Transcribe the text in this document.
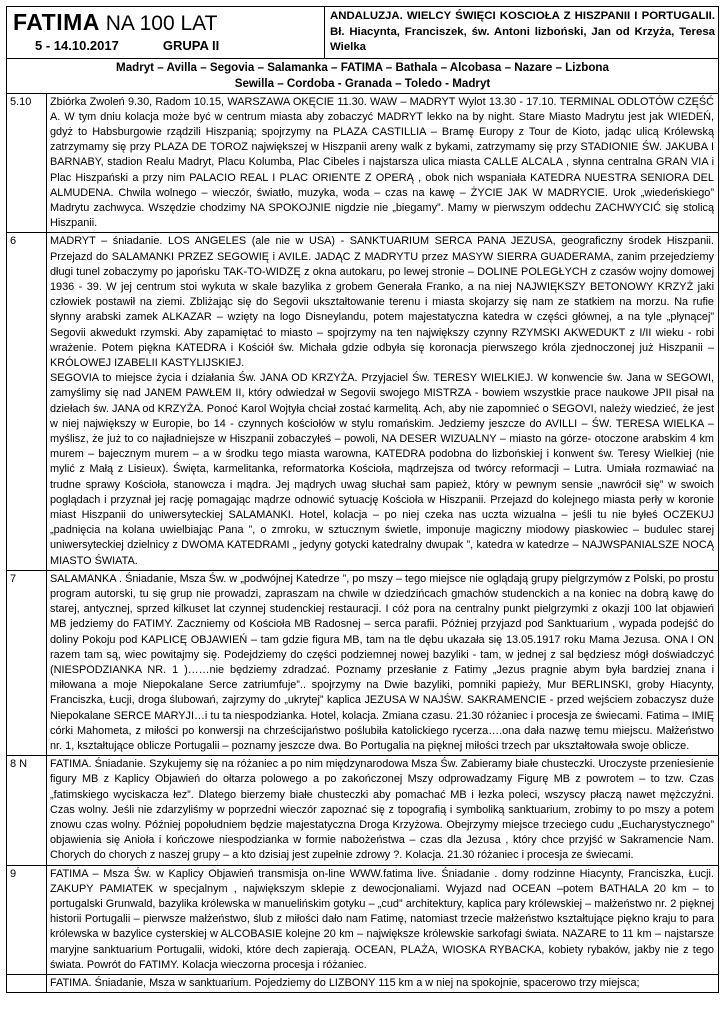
FATIMA NA 100 LAT
5 - 14.10.2017 GRUPA II		ANDALUZJA. WIELCY ŚWIĘCI KOSCIOŁA Z HISZPANII I PORTUGALII. Bł. Hiacynta, Franciszek, św. Antoni lizboński, Jan od Krzyża, Teresa Wielka

Madryt – Avilla – Segovia – Salamanka – FATIMA – Bathala – Alcobasa – Nazare – Lizbona
Sewilla – Cordoba - Granada – Toledo - Madryt		

5.10	Zbiórka Zwoleń 9.30, Radom 10.15, WARSZAWA OKĘCIE 11.30. WAW – MADRYT Wylot 13.30 - 17.10. TERMINAL ODLOTÓW CZĘŚĆ A. W tym dniu kolacja może być w centrum miasta aby zobaczyć MADRYT lekko na by night. Stare Miasto Madrytu jest jak WIEDEŃ, gdyż to Habsburgowie rządzili Hiszpanią; spojrzymy na PLAZA CASTILLIA – Bramę Europy z Tour de Kioto, jadąc ulicą Królewską zatrzymamy się przy PLAZA DE TOROZ największej w Hiszpanii areny walk z bykami, zatrzymamy się przy STADIONIE ŚW. JAKUBA I BARNABY, stadion Realu Madryt, Placu Kolumba, Plac Cibeles i najstarsza ulica miasta CALLE ALCALA , słynna centralna GRAN VIA i Plac Hiszpański a przy nim PALACIO REAL I PLAC ORIENTE Z OPERĄ , obok nich wspaniała KATEDRA NUESTRA SENIORA DEL ALMUDENA. Chwila wolnego – wieczór, światło, muzyka, woda – czas na kawę – ŻYCIE JAK W MADRYCIE. Urok „wiedeńskiego” Madrytu zachwyca. Wszędzie chodzimy NA SPOKOJNIE nigdzie nie „biegamy”. Mamy w pierwszym oddechu ZACHWYCIĆ się stolicą Hiszpanii.	

6	MADRYT – śniadanie. LOS ANGELES (ale nie w USA) - SANKTUARIUM SERCA PANA JEZUSA, geograficzny środek Hiszpanii. Przejazd do SALAMANKI PRZEZ SEGOWIĘ i AVILE. JADĄC Z MADRYTU przez MASYW SIERRA GUADERAMA, zanim przejedziemy długi tunel zobaczymy po japońsku TAK-TO-WIDZĘ z okna autokaru, po lewej stronie – DOLINE POLEGŁYCH z czasów wojny domowej 1936 - 39. W jej centrum stoi wykuta w skale bazylika z grobem Generała Franko, a na niej NAJWIĘKSZY BETONOWY KRZYŻ jaki człowiek postawił na ziemi. Zbliżając się do Segovii ukształtowanie terenu i miasta skojarzy się nam ze statkiem na morzu. Na rufie słynny arabski zamek ALKAZAR – wzięty na logo Disneylandu, potem majestatyczna katedra w części głównej, a na tyle „płynącej” Segovii akwedukt rzymski. Aby zapamiętać to miasto – spojrzymy na ten największy czynny RZYMSKI AKWEDUKT z I/II wieku - robi wrażenie. Potem piękna KATEDRA i Kościół św. Michała gdzie odbyła się koronacja pierwszego króla zjednoczonej już Hiszpanii – KRÓLOWEJ IZABELII KASTYLIJSKIEJ.

SEGOVIA to miejsce życia i działania Św. JANA OD KRZYŻA. Przyjaciel Św. TERESY WIELKIEJ. W konwencie św. Jana w SEGOWI, zamyślimy się nad JANEM PAWŁEM II, który odwiedzał w Segovii swojego MISTRZA - bowiem wszystkie prace naukowe JPII pisał na dziełach św. JANA od KRZYŻA. Ponoć Karol Wojtyła chciał zostać karmelitą. Ach, aby nie zapomnieć o SEGOVI, należy wiedzieć, że jest w niej największy w Europie, bo 14 - czynnych kościołów w stylu romańskim. Jedziemy jeszcze do AVILLI – ŚW. TERESA WIELKA – myślisz, że już to co najładniejsze w Hiszpanii zobaczyłeś – powoli, NA DESER WIZUALNY – miasto na górze- otoczone arabskim 4 km murem – bajecznym murem – a w środku tego miasta warowna, KATEDRA podobna do lizbońskiej i konwent św. Teresy Wielkiej (nie mylić z Małą z Lisieux). Święta, karmelitanka, reformatorka Kościoła, mądrzejsza od twórcy reformacji – Lutra. Umiała rozmawiać na trudne sprawy Kościoła, stanowcza i mądra. Jej mądrych uwag słuchał sam papież, który w pewnym sensie „nawrócił się” w swoich poglądach i przyznał jej rację pomagając mądrze odnowić sytuację Kościoła w Hiszpanii. Przejazd do kolejnego miasta perły w koronie miast Hiszpanii do uniwersyteckiej SALAMANKI. Hotel, kolacja – po niej czeka nas uczta wizualna – jeśli tu nie byłeś OCZEKUJ „padnięcia na kolana uwielbiając Pana ”, o zmroku, w sztucznym świetle, imponuje magiczny miodowy piaskowiec – budulec starej uniwersyteckiej dzielnicy z DWOMA KATEDRAMI „ jedyny gotycki katedralny dwupak ”, katedra w katedrze – NAJWSPANIALSZE NOCĄ MIASTO ŚWIATA.	

7	SALAMANKA . Śniadanie, Msza Św. w „podwójnej Katedrze ”, po mszy – tego miejsce nie oglądają grupy pielgrzymów z Polski, po prostu program autorski, tu się grup nie prowadzi, zapraszam na chwile w dziedzińcach gmachów studenckich a na koniec na dobrą kawę do starej, antycznej, sprzed kilkuset lat czynnej studenckiej restauracji. I cóż pora na centralny punkt pielgrzymki z okazji 100 lat objawień MB jedziemy do FATIMY. Zaczniemy od Kościoła MB Radosnej – serca parafii. Później przyjazd pod Sanktuarium , wypada podejść do doliny Pokoju pod KAPLICĘ OBJAWIEŃ – tam gdzie figura MB, tam na tle dębu ukazała się 13.05.1917 roku Mama Jezusa. ONA I ON razem tam są, wiec powitajmy się. Podejdziemy do części podziemnej nowej bazyliki - tam, w jednej z sal będziesz mógł doświadczyć (NIESPODZIANKA NR. 1 )……nie będziemy zdradzać. Poznamy przesłanie z Fatimy „Jezus pragnie abym była bardziej znana i miłowana a moje Niepokalane Serce zatriumfuje”.. spojrzymy na Dwie bazyliki, pomniki papieży, Mur BERLINSKI, groby Hiacynty, Franciszka, Łucji, droga ślubowań, zajrzymy do „ukrytej” kaplica JEZUSA W NAJŚW. SAKRAMENCIE - przed wejściem zobaczysz duże Niepokalane SERCE MARYJI…i tu ta niespodzianka. Hotel, kolacja. Zmiana czasu. 21.30 różaniec i procesja ze świecami. Fatima – IMIĘ córki Mahometa, z miłości po konwersji na chrześcijaństwo poślubiła katolickiego rycerza….ona dała nazwę temu miejscu. Małżeństwo nr. 1, kształtujące oblicze Portugalii – poznamy jeszcze dwa. Bo Portugalia na pięknej miłości trzech par ukształtowała swoje oblicze.	

8 N	FATIMA. Śniadanie. Szykujemy się na różaniec a po nim międzynarodowa Msza Św. Zabieramy białe chusteczki. Uroczyste przeniesienie figury MB z Kaplicy Objawień do ołtarza polowego a po zakończonej Mszy odprowadzamy Figurę MB z powrotem – to tzw. Czas „fatimskiego wyciskacza łez”. Dlatego bierzemy białe chusteczki aby pomachać MB i łezka poleci, wszyscy płaczą nawet mężczyźni. Czas wolny. Jeśli nie zdarzyliśmy w poprzedni wieczór zapoznać się z topografią i symboliką sanktuarium, zrobimy to po mszy a potem znowu czas wolny. Później popołudniem będzie majestatyczna Droga Krzyżowa. Obejrzymy miejsce trzeciego cudu „Eucharystycznego” objawienia się Anioła i kończowe niespodzianka w formie nabożeństwa – czas dla Jezusa , który chce przyjść w Sakramencie Nam. Chorych do chorych z naszej grupy – a kto dzisiaj jest zupełnie zdrowy ?. Kolacja. 21.30 różaniec i procesja ze świecami.	

9	FATIMA – Msza Św. w Kaplicy Objawień transmisja on-line WWW.fatima live. Śniadanie . domy rodzinne Hiacynty, Franciszka, Łucji. ZAKUPY PAMIATEK w specjalnym , największym sklepie z dewocjonaliami. Wyjazd nad OCEAN –potem BATHALA 20 km – to portugalski Grunwald, bazylika królewska w manuelińskim gotyku – „cud” architektury, kaplica pary królewskiej – małżeństwo nr. 2 pięknej historii Portugalii – pierwsze małżeństwo, ślub z miłości dało nam Fatimę, natomiast trzecie małżeństwo kształtujące piękno kraju to para królewska w bazylice cysterskiej w ALCOBASIE kolejne 20 km – największe królewskie sarkofagi świata. NAZARE to 11 km – najstarsze maryjne sanktuarium Portugalii, widoki, które dech zapierają. OCEAN, PLAŻA, WIOSKA RYBACKA, kobiety rybaków, jakby nie z tego świata. Powrót do FATIMY. Kolacja wieczorna procesja i różaniec.	

	FATIMA. Śniadanie, Msza w sanktuarium. Pojedziemy do LIZBONY 115 km a w niej na spokojnie, spacerowo trzy miejsca;	
